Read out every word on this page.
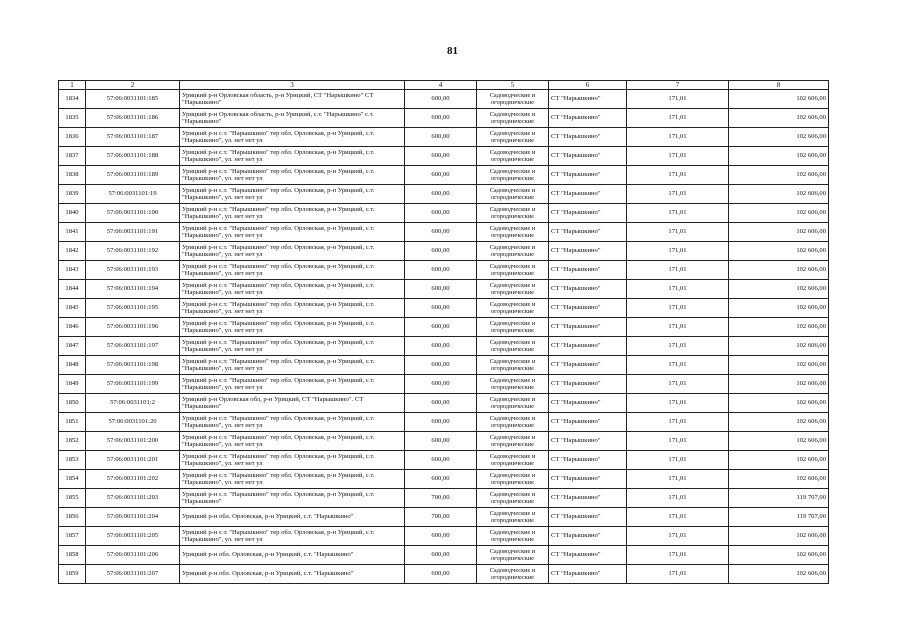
81
1	2	3	4	5	6	7	8
1834	57:06:0031101:185	Урицкий р-н Орловская область, р-н Урицкий, СТ "Нарышкино" СТ "Нарышкино"	600,00	Садоводческие и огороднические	СТ "Нарышкино"	171,01	102 606,00
1835	57:06:0031101:186	Урицкий р-н Орловская область, р-н Урицкий, с.т. "Нарышкино" с.т. "Нарышкино"	600,00	Садоводческие и огороднические	СТ "Нарышкино"	171,01	102 606,00
1836	57:06:0031101:187	Урицкий р-н с.т. "Нарышкино" тер обл. Орловская, р-н Урицкий, с.т. "Нарышкино", ул. нет нет ул	600,00	Садоводческие и огороднические	СТ "Нарышкино"	171,01	102 606,00
1837	57:06:0031101:188	Урицкий р-н с.т. "Нарышкино" тер обл. Орловская, р-н Урицкий, с.т. "Нарышкино", ул. нет нет ул	600,00	Садоводческие и огороднические	СТ "Нарышкино"	171,01	102 606,00
1838	57:06:0031101:189	Урицкий р-н с.т. "Нарышкино" тер обл. Орловская, р-н Урицкий, с.т. "Нарышкино", ул. нет нет ул	600,00	Садоводческие и огороднические	СТ "Нарышкино"	171,01	102 606,00
1839	57:06:0031101:19	Урицкий р-н с.т. "Нарышкино" тер обл. Орловская, р-н Урицкий, с.т. "Нарышкино", ул. нет нет ул	600,00	Садоводческие и огороднические	СТ "Нарышкино"	171,01	102 606,00
1840	57:06:0031101:190	Урицкий р-н с.т. "Нарышкино" тер обл. Орловская, р-н Урицкий, с.т. "Нарышкино", ул. нет нет ул	600,00	Садоводческие и огороднические	СТ "Нарышкино"	171,01	102 606,00
1841	57:06:0031101:191	Урицкий р-н с.т. "Нарышкино" тер обл. Орловская, р-н Урицкий, с.т. "Нарышкино", ул. нет нет ул	600,00	Садоводческие и огороднические	СТ "Нарышкино"	171,01	102 606,00
1842	57:06:0031101:192	Урицкий р-н с.т. "Нарышкино" тер обл. Орловская, р-н Урицкий, с.т. "Нарышкино", ул. нет нет ул	600,00	Садоводческие и огороднические	СТ "Нарышкино"	171,01	102 606,00
1843	57:06:0031101:193	Урицкий р-н с.т. "Нарышкино" тер обл. Орловская, р-н Урицкий, с.т. "Нарышкино", ул. нет нет ул	600,00	Садоводческие и огороднические	СТ "Нарышкино"	171,01	102 606,00
1844	57:06:0031101:194	Урицкий р-н с.т. "Нарышкино" тер обл. Орловская, р-н Урицкий, с.т. "Нарышкино", ул. нет нет ул	600,00	Садоводческие и огороднические	СТ "Нарышкино"	171,01	102 606,00
1845	57:06:0031101:195	Урицкий р-н с.т. "Нарышкино" тер обл. Орловская, р-н Урицкий, с.т. "Нарышкино", ул. нет нет ул	600,00	Садоводческие и огороднические	СТ "Нарышкино"	171,01	102 606,00
1846	57:06:0031101:196	Урицкий р-н с.т. "Нарышкино" тер обл. Орловская, р-н Урицкий, с.т. "Нарышкино", ул. нет нет ул	600,00	Садоводческие и огороднические	СТ "Нарышкино"	171,01	102 606,00
1847	57:06:0031101:197	Урицкий р-н с.т. "Нарышкино" тер обл. Орловская, р-н Урицкий, с.т. "Нарышкино", ул. нет нет ул	600,00	Садоводческие и огороднические	СТ "Нарышкино"	171,01	102 606,00
1848	57:06:0031101:198	Урицкий р-н с.т. "Нарышкино" тер обл. Орловская, р-н Урицкий, с.т. "Нарышкино", ул. нет нет ул	600,00	Садоводческие и огороднические	СТ "Нарышкино"	171,01	102 606,00
1849	57:06:0031101:199	Урицкий р-н с.т. "Нарышкино" тер обл. Орловская, р-н Урицкий, с.т. "Нарышкино", ул. нет нет ул	600,00	Садоводческие и огороднические	СТ "Нарышкино"	171,01	102 606,00
1850	57:06:0031101:2	Урицкий р-н Орловская обл, р-н Урицкий, СТ "Нарышкино". СТ "Нарышкино"	600,00	Садоводческие и огороднические	СТ "Нарышкино"	171,01	102 606,00
1851	57:06:0031101:20	Урицкий р-н с.т. "Нарышкино" тер обл. Орловская, р-н Урицкий, с.т. "Нарышкино", ул. нет нет ул	600,00	Садоводческие и огороднические	СТ "Нарышкино"	171,01	102 606,00
1852	57:06:0031101:200	Урицкий р-н с.т. "Нарышкино" тер обл. Орловская, р-н Урицкий, с.т. "Нарышкино", ул. нет нет ул	600,00	Садоводческие и огороднические	СТ "Нарышкино"	171,01	102 606,00
1853	57:06:0031101:201	Урицкий р-н с.т. "Нарышкино" тер обл. Орловская, р-н Урицкий, с.т. "Нарышкино", ул. нет нет ул	600,00	Садоводческие и огороднические	СТ "Нарышкино"	171,01	102 606,00
1854	57:06:0031101:202	Урицкий р-н с.т. "Нарышкино" тер обл. Орловская, р-н Урицкий, с.т. "Нарышкино", ул. нет нет ул	600,00	Садоводческие и огороднические	СТ "Нарышкино"	171,01	102 606,00
1855	57:06:0031101:203	Урицкий р-н с.т. "Нарышкино" тер обл. Орловская, р-н Урицкий, с.т. "Нарышкино"	700,00	Садоводческие и огороднические	СТ "Нарышкино"	171,01	119 707,00
1856	57:06:0031101:204	Урицкий р-н обл. Орловская, р-н Урицкий, с.т. "Нарышкино"	700,00	Садоводческие и огороднические	СТ "Нарышкино"	171,01	119 707,00
1857	57:06:0031101:205	Урицкий р-н с.т. "Нарышкино" тер обл. Орловская, р-н Урицкий, с.т. "Нарышкино", ул. нет нет ул	600,00	Садоводческие и огороднические	СТ "Нарышкино"	171,01	102 606,00
1858	57:06:0031101:206	Урицкий р-н обл. Орловская, р-н Урицкий, с.т. "Нарышкино"	600,00	Садоводческие и огороднические	СТ "Нарышкино"	171,01	102 606,00
1859	57:06:0031101:207	Урицкий р-н обл. Орловская, р-н Урицкий, с.т. "Нарышкино"	600,00	Садоводческие и огороднические	СТ "Нарышкино"	171,01	102 606,00
